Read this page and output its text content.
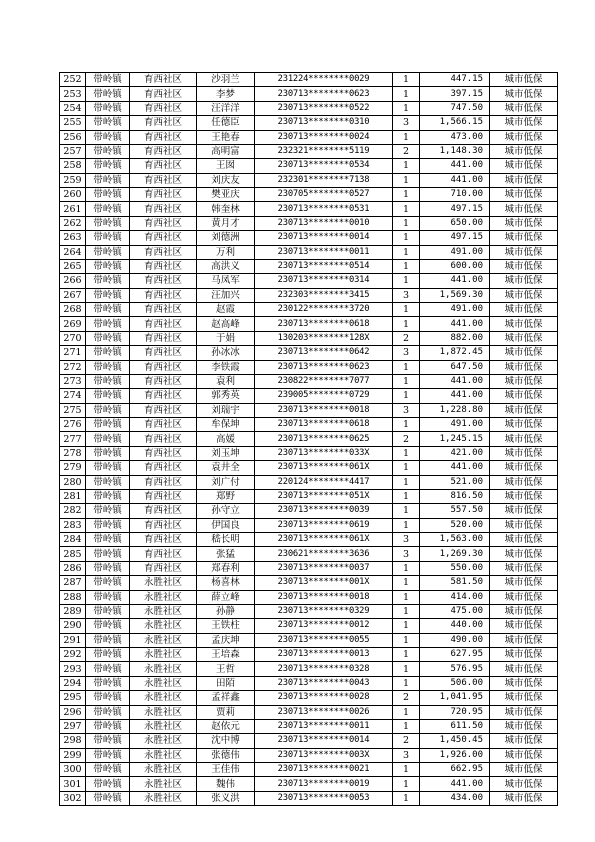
252	带岭镇	育西社区	沙羽兰	231224********0029	1	447.15	城市低保
253	带岭镇	育西社区	李梦	230713********0623	1	397.15	城市低保
254	带岭镇	育西社区	汪洋洋	230713********0522	1	747.50	城市低保
255	带岭镇	育西社区	任德臣	230713********0310	3	1,566.15	城市低保
256	带岭镇	育西社区	王艳春	230713********0024	1	473.00	城市低保
257	带岭镇	育西社区	高明富	232321********5119	2	1,148.30	城市低保
258	带岭镇	育西社区	王囡	230713********0534	1	441.00	城市低保
259	带岭镇	育西社区	刘庆友	232301********7138	1	441.00	城市低保
260	带岭镇	育西社区	樊亚庆	230705********0527	1	710.00	城市低保
261	带岭镇	育西社区	韩奎林	230713********0531	1	497.15	城市低保
262	带岭镇	育西社区	黄月才	230713********0010	1	650.00	城市低保
263	带岭镇	育西社区	刘德洲	230713********0014	1	497.15	城市低保
264	带岭镇	育西社区	万利	230713********0011	1	491.00	城市低保
265	带岭镇	育西社区	高洪义	230713********0514	1	600.00	城市低保
266	带岭镇	育西社区	马凤军	230713********0314	1	441.00	城市低保
267	带岭镇	育西社区	汪加兴	232303********3415	3	1,569.30	城市低保
268	带岭镇	育西社区	赵霞	230122********3720	1	491.00	城市低保
269	带岭镇	育西社区	赵高峰	230713********0618	1	441.00	城市低保
270	带岭镇	育西社区	于娟	130203********128X	2	882.00	城市低保
271	带岭镇	育西社区	孙冰冰	230713********0642	3	1,872.45	城市低保
272	带岭镇	育西社区	李铁霞	230713********0623	1	647.50	城市低保
273	带岭镇	育西社区	袁利	230822********7077	1	441.00	城市低保
274	带岭镇	育西社区	郭秀英	239005********0729	1	441.00	城市低保
275	带岭镇	育西社区	刘瑞宇	230713********0018	3	1,228.80	城市低保
276	带岭镇	育西社区	牟保坤	230713********0618	1	491.00	城市低保
277	带岭镇	育西社区	高媛	230713********0625	2	1,245.15	城市低保
278	带岭镇	育西社区	刘玉坤	230713********033X	1	421.00	城市低保
279	带岭镇	育西社区	袁井全	230713********061X	1	441.00	城市低保
280	带岭镇	育西社区	刘广付	220124********4417	1	521.00	城市低保
281	带岭镇	育西社区	郑野	230713********051X	1	816.50	城市低保
282	带岭镇	育西社区	孙守立	230713********0039	1	557.50	城市低保
283	带岭镇	育西社区	伊国良	230713********0619	1	520.00	城市低保
284	带岭镇	育西社区	嵇长明	230713********061X	3	1,563.00	城市低保
285	带岭镇	育西社区	张猛	230621********3636	3	1,269.30	城市低保
286	带岭镇	育西社区	郑春利	230713********0037	1	550.00	城市低保
287	带岭镇	永胜社区	杨喜林	230713********001X	1	581.50	城市低保
288	带岭镇	永胜社区	薛立峰	230713********0018	1	414.00	城市低保
289	带岭镇	永胜社区	孙静	230713********0329	1	475.00	城市低保
290	带岭镇	永胜社区	王铁柱	230713********0012	1	440.00	城市低保
291	带岭镇	永胜社区	孟庆坤	230713********0055	1	490.00	城市低保
292	带岭镇	永胜社区	王培森	230713********0013	1	627.95	城市低保
293	带岭镇	永胜社区	王哲	230713********0328	1	576.95	城市低保
294	带岭镇	永胜社区	田陌	230713********0043	1	506.00	城市低保
295	带岭镇	永胜社区	孟祥鑫	230713********0028	2	1,041.95	城市低保
296	带岭镇	永胜社区	贾莉	230713********0026	1	720.95	城市低保
297	带岭镇	永胜社区	赵依元	230713********0011	1	611.50	城市低保
298	带岭镇	永胜社区	沈中博	230713********0014	2	1,450.45	城市低保
299	带岭镇	永胜社区	张德伟	230713********003X	3	1,926.00	城市低保
300	带岭镇	永胜社区	王佳伟	230713********0021	1	662.95	城市低保
301	带岭镇	永胜社区	魏伟	230713********0019	1	441.00	城市低保
302	带岭镇	永胜社区	张义洪	230713********0053	1	434.00	城市低保
